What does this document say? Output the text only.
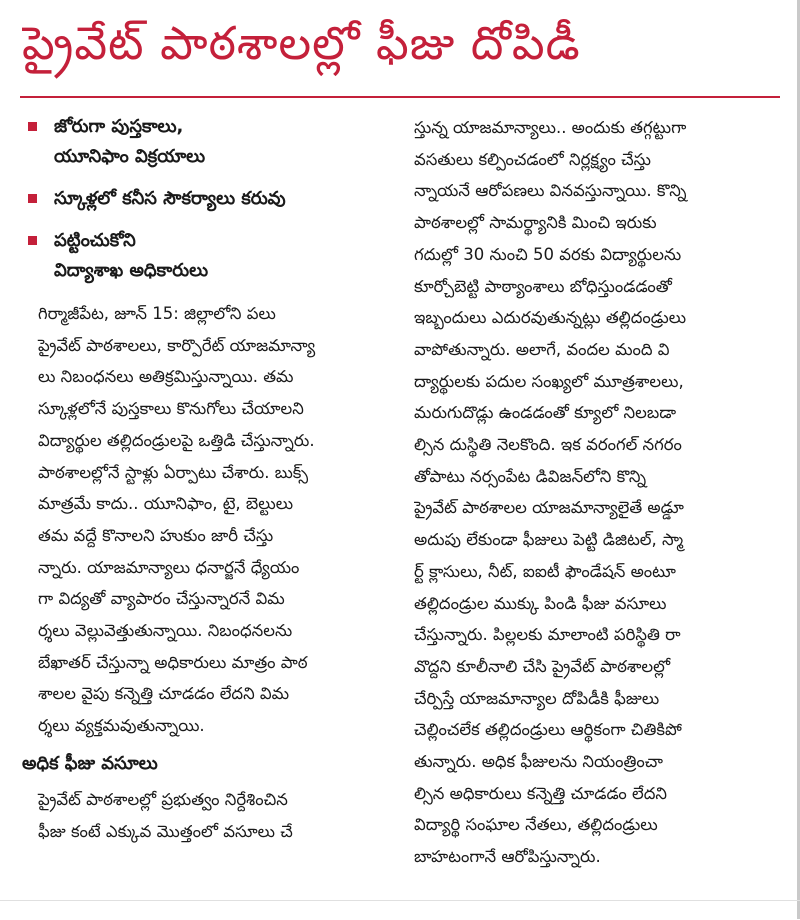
ప్రైవేట్ పాఠశాలల్లో ఫీజు దోపిడీ
జోరుగా పుస్తకాలు,
యూనిఫాం విక్రయాలు
స్కూళ్లలో కనీస సౌకర్యాలు కరువు
పట్టించుకోని
విద్యాశాఖ అధికారులు
గిర్మాజీపేట, జూన్ 15: జిల్లాలోని పలు
ప్రైవేట్ పాఠశాలలు, కార్పొరేట్ యాజమాన్యా
లు నిబంధనలు అతిక్రమిస్తున్నాయి. తమ
స్కూళ్లలోనే పుస్తకాలు కొనుగోలు చేయాలని
విద్యార్థుల తల్లిదండ్రులపై ఒత్తిడి చేస్తున్నారు.
పాఠశాలల్లోనే స్టాళ్లు ఏర్పాటు చేశారు. బుక్స్
మాత్రమే కాదు.. యూనిఫాం, టై, బెల్టులు
తమ వద్దే కొనాలని హుకుం జారీ చేస్తు
న్నారు. యాజమాన్యాలు ధనార్జనే ధ్యేయం
గా విద్యతో వ్యాపారం చేస్తున్నారనే విమ
ర్శలు వెల్లువెత్తుతున్నాయి. నిబంధనలను
బేఖాతర్ చేస్తున్నా అధికారులు మాత్రం పాఠ
శాలల వైపు కన్నెత్తి చూడడం లేదని విమ
ర్శలు వ్యక్తమవుతున్నాయి.
అధిక ఫీజు వసూలు
ప్రైవేట్ పాఠశాలల్లో ప్రభుత్వం నిర్దేశించిన
ఫీజు కంటే ఎక్కువ మొత్తంలో వసూలు చే
స్తున్న యాజమాన్యాలు.. అందుకు తగ్గట్టుగా
వసతులు కల్పించడంలో నిర్లక్ష్యం చేస్తు
న్నాయనే ఆరోపణలు వినవస్తున్నాయి. కొన్ని
పాఠశాలల్లో సామర్థ్యానికి మించి ఇరుకు
గదుల్లో 30 నుంచి 50 వరకు విద్యార్థులను
కూర్చోబెట్టి పాఠ్యాంశాలు బోధిస్తుండడంతో
ఇబ్బందులు ఎదురవుతున్నట్లు తల్లిదండ్రులు
వాపోతున్నారు. అలాగే, వందల మంది వి
ద్యార్థులకు పదుల సంఖ్యలో మూత్రశాలలు,
మరుగుదొడ్లు ఉండడంతో క్యూలో నిలబడా
ల్సిన దుస్థితి నెలకొంది. ఇక వరంగల్ నగరం
తోపాటు నర్సంపేట డివిజన్‌లోని కొన్ని
ప్రైవేట్ పాఠశాలల యాజమాన్యాలైతే అడ్డూ
అదుపు లేకుండా ఫీజులు పెట్టి డిజిటల్, స్మా
ర్ట్ క్లాసులు, నీట్, ఐఐటీ ఫౌండేషన్ అంటూ
తల్లిదండ్రుల ముక్కు పిండి ఫీజు వసూలు
చేస్తున్నారు. పిల్లలకు మాలాంటి పరిస్థితి రా
వొద్దని కూలీనాలి చేసి ప్రైవేట్ పాఠశాలల్లో
చేర్పిస్తే యాజమాన్యాల దోపిడీకి ఫీజులు
చెల్లించలేక తల్లిదండ్రులు ఆర్థికంగా చితికిపో
తున్నారు. అధిక ఫీజులను నియంత్రించా
ల్సిన అధికారులు కన్నెత్తి చూడడం లేదని
విద్యార్థి సంఘాల నేతలు, తల్లిదండ్రులు
బాహటంగానే ఆరోపిస్తున్నారు.
